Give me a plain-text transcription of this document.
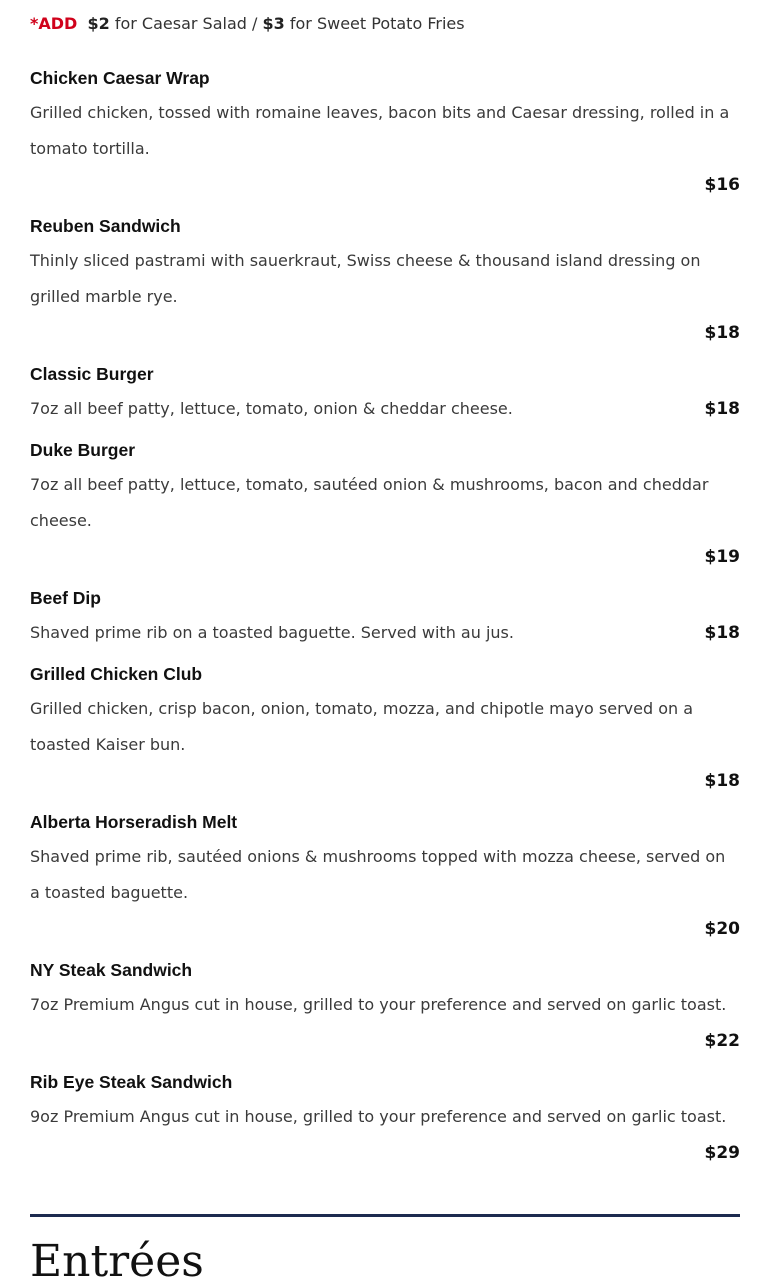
*ADD $2 for Caesar Salad / $3 for Sweet Potato Fries
Chicken Caesar Wrap
Grilled chicken, tossed with romaine leaves, bacon bits and Caesar dressing, rolled in a tomato tortilla.
$16
Reuben Sandwich
Thinly sliced pastrami with sauerkraut, Swiss cheese & thousand island dressing on grilled marble rye.
$18
Classic Burger
7oz all beef patty, lettuce, tomato, onion & cheddar cheese.	$18
Duke Burger
7oz all beef patty, lettuce, tomato, sautéed onion & mushrooms, bacon and cheddar cheese.
$19
Beef Dip
Shaved prime rib on a toasted baguette. Served with au jus.	$18
Grilled Chicken Club
Grilled chicken, crisp bacon, onion, tomato, mozza, and chipotle mayo served on a toasted Kaiser bun.
$18
Alberta Horseradish Melt
Shaved prime rib, sautéed onions & mushrooms topped with mozza cheese, served on a toasted baguette.
$20
NY Steak Sandwich
7oz Premium Angus cut in house, grilled to your preference and served on garlic toast.
$22
Rib Eye Steak Sandwich
9oz Premium Angus cut in house, grilled to your preference and served on garlic toast.
$29
Entrées
